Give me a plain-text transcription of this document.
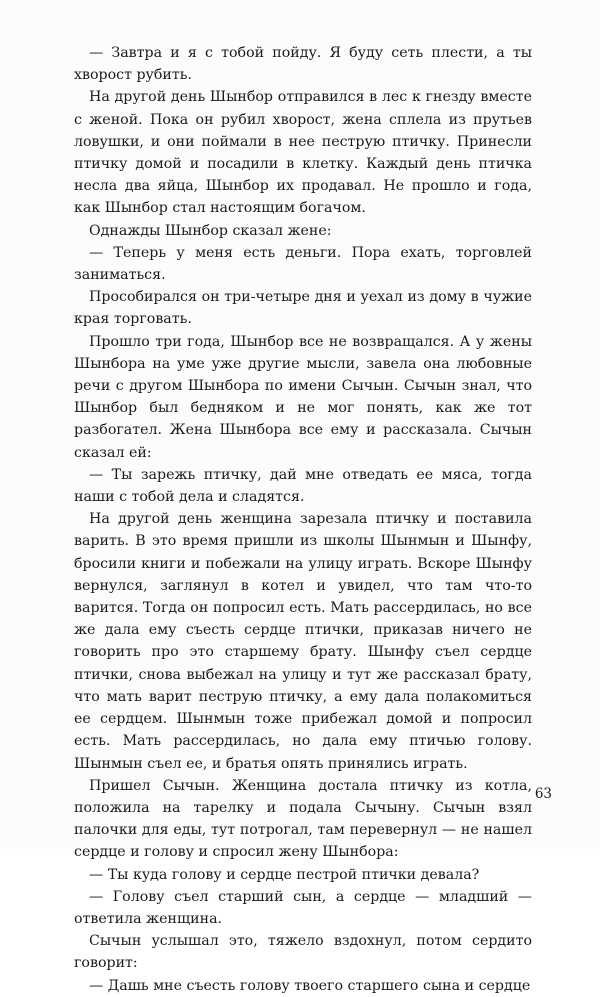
— Завтра и я с тобой пойду. Я буду сеть плести, а ты хворост рубить.

На другой день Шынбор отправился в лес к гнезду вместе с женой. Пока он рубил хворост, жена сплела из прутьев ловушки, и они поймали в нее пеструю птичку. Принесли птичку домой и посадили в клетку. Каждый день птичка несла два яйца, Шынбор их продавал. Не прошло и года, как Шынбор стал настоящим богачом.

Однажды Шынбор сказал жене:

— Теперь у меня есть деньги. Пора ехать, торговлей заниматься.

Прособирался он три-четыре дня и уехал из дому в чужие края торговать.

Прошло три года, Шынбор все не возвращался. А у жены Шынбора на уме уже другие мысли, завела она любовные речи с другом Шынбора по имени Сычын. Сычын знал, что Шынбор был бедняком и не мог понять, как же тот разбогател. Жена Шынбора все ему и рассказала. Сычын сказал ей:

— Ты зарежь птичку, дай мне отведать ее мяса, тогда наши с тобой дела и сладятся.

На другой день женщина зарезала птичку и поставила варить. В это время пришли из школы Шынмын и Шынфу, бросили книги и побежали на улицу играть. Вскоре Шынфу вернулся, заглянул в котел и увидел, что там что-то варится. Тогда он попросил есть. Мать рассердилась, но все же дала ему съесть сердце птички, приказав ничего не говорить про это старшему брату. Шынфу съел сердце птички, снова выбежал на улицу и тут же рассказал брату, что мать варит пеструю птичку, а ему дала полакомиться ее сердцем. Шынмын тоже прибежал домой и попросил есть. Мать рассердилась, но дала ему птичью голову. Шынмын съел ее, и братья опять принялись играть.

Пришел Сычын. Женщина достала птичку из котла, положила на тарелку и подала Сычыну. Сычын взял палочки для еды, тут потрогал, там перевернул — не нашел сердце и голову и спросил жену Шынбора:

— Ты куда голову и сердце пестрой птички девала?

— Голову съел старший сын, а сердце — младший — ответила женщина.

Сычын услышал это, тяжело вздохнул, потом сердито говорит:

— Дашь мне съесть голову твоего старшего сына и сердце

63
